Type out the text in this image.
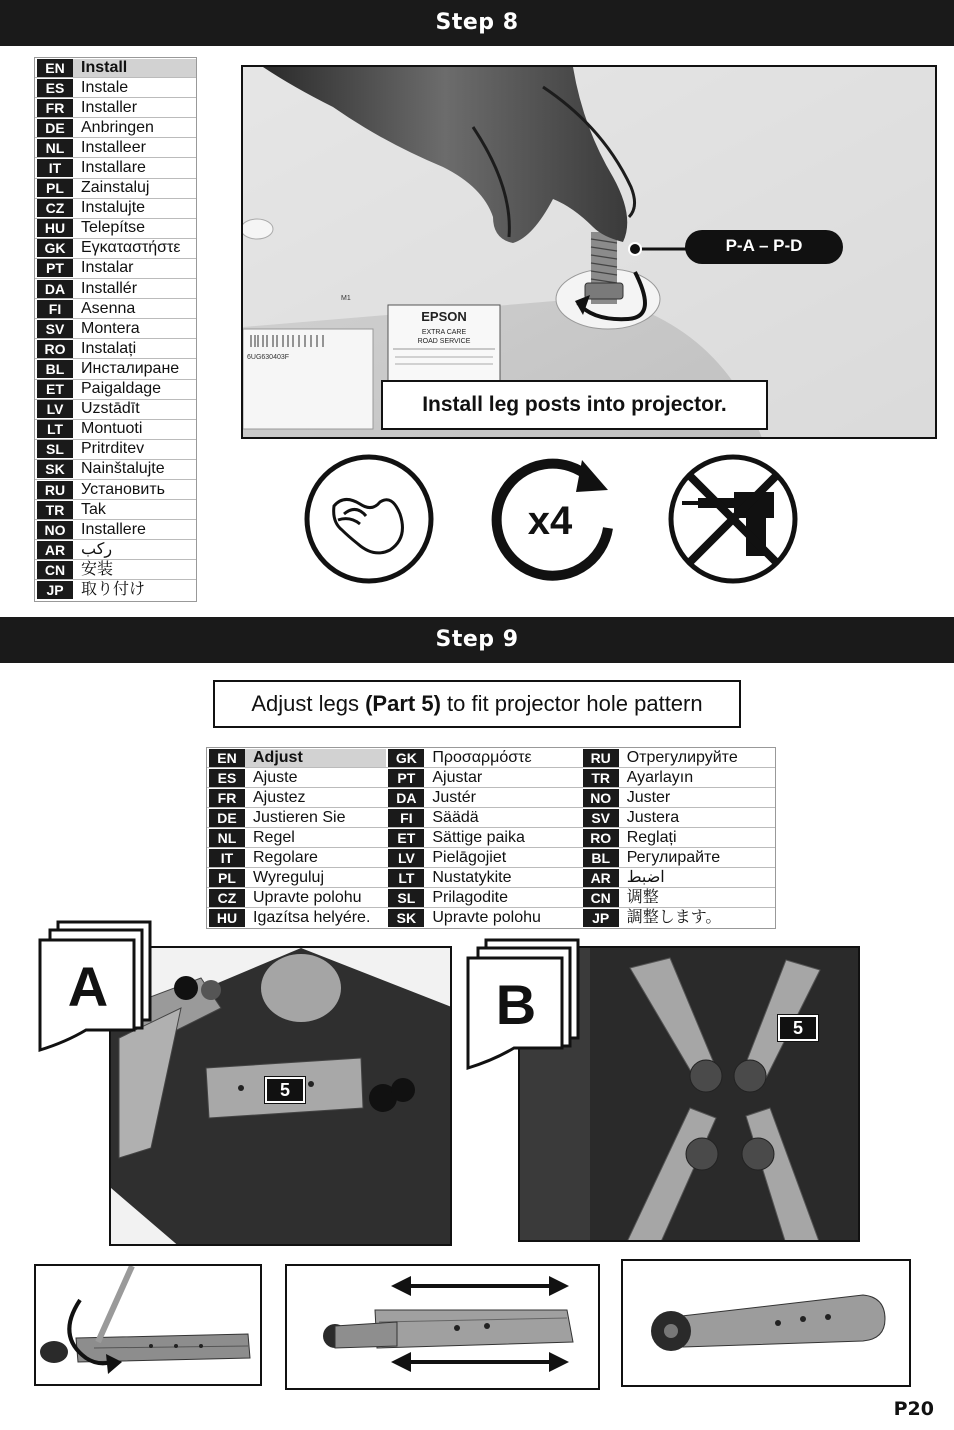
Step 8
EN	Install
ES	Instale
FR	Installer
DE	Anbringen
NL	Installeer
IT	Installare
PL	Zainstaluj
CZ	Instalujte
HU Telepítse
GK Εγκαταστήστε
PT	Instalar
DA Installér
FI	Asenna
SV	Montera
RO Instalați
BL	Инсталиране
ET	Paigaldage
LV	Uzstādīt
LT	Montuoti
SL	Pritrditev
SK	Nainštalujte
RU Установить
TR	Tak
NO Installere
AR ركب
CN 安装
JP	取り付け
6UG630403F
M1
EPSON
EXTRA CARE
ROAD SERVICE
P-A – P-D
Install leg posts into projector.
x4
Step 9
Adjust legs (Part 5) to fit projector hole pattern
EN	Adjust
ES	Ajuste
FR	Ajustez
DE	Justieren Sie
NL	Regel
IT	Regolare
PL	Wyreguluj
CZ	Upravte polohu
HU Igazítsa helyére.
GK Προσαρμόστε
PT	Ajustar
DA Justér
FI	Säädä
ET	Sättige paika
LV	Pielāgojiet
LT	Nustatykite
SL	Prilagodite
SK	Upravte polohu
RU Отрегулируйте
TR	Ayarlayın
NO Juster
SV	Justera
RO Reglați
BL	Регулирайте
AR اضبط
CN 调整
JP	調整します。
5
A
5
B
P20
